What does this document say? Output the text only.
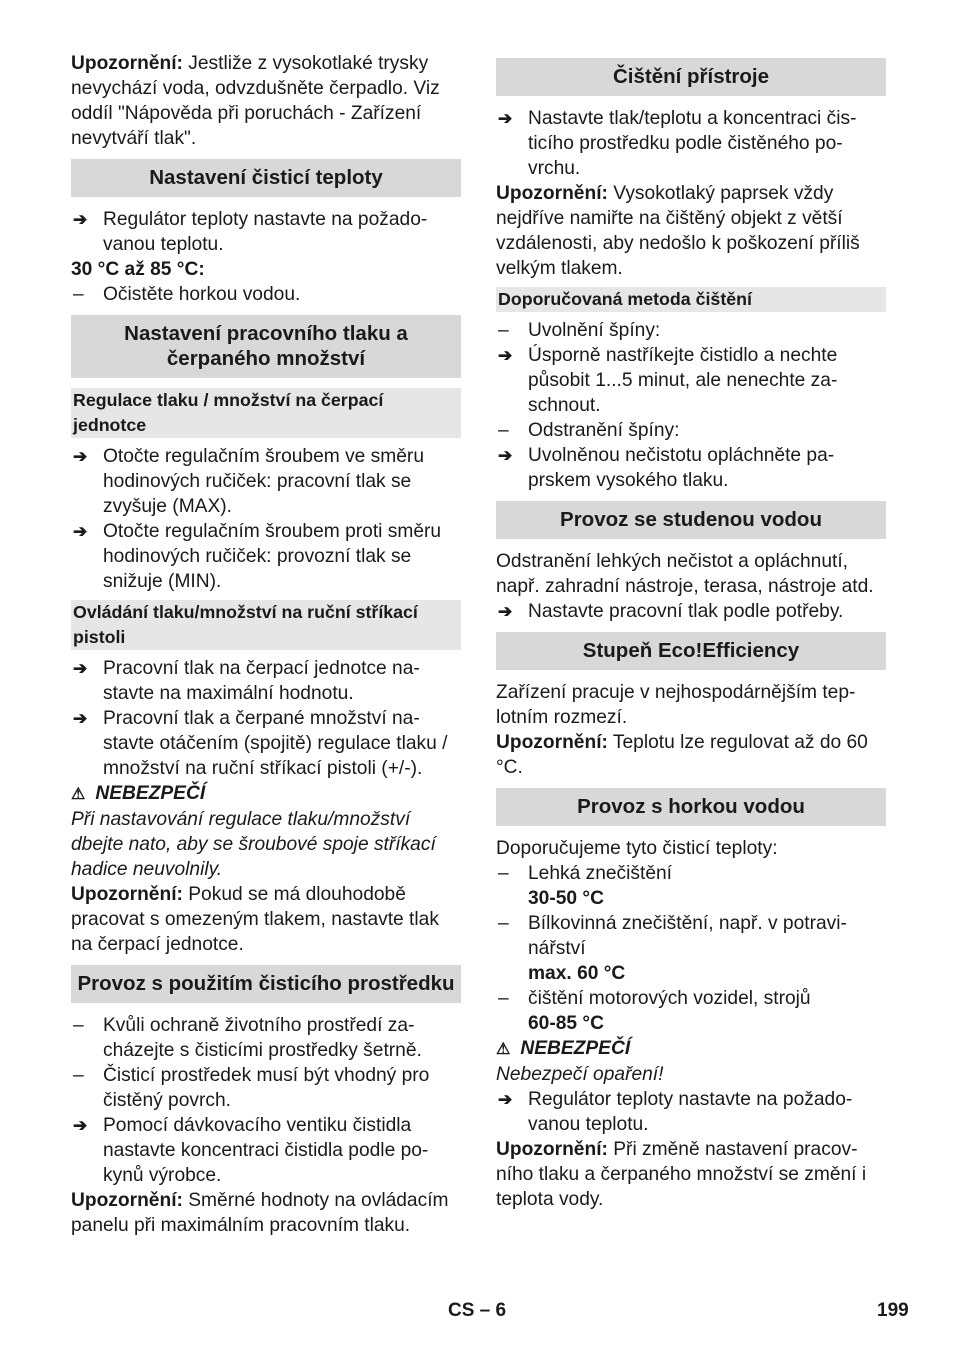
Upozornění: Jestliže z vysokotlaké trysky nevychází voda, odvzdušněte čerpadlo. Viz oddíl "Nápověda při poruchách - Zařízení nevytváří tlak".

Nastavení čisticí teploty
➔ Regulátor teploty nastavte na požadovanou teplotu.

30 °C až 85 °C:

– Očistěte horkou vodou.
Nastavení pracovního tlaku a čerpaného množství
Regulace tlaku / množství na čerpací jednotce
➔ Otočte regulačním šroubem ve směru hodinových ručiček: pracovní tlak se zvyšuje (MAX).
➔ Otočte regulačním šroubem proti směru hodinových ručiček: provozní tlak se snižuje (MIN).
Ovládání tlaku/množství na ruční stříkací pistoli
➔ Pracovní tlak na čerpací jednotce nastavte na maximální hodnotu.
➔ Pracovní tlak a čerpané množství nastavte otáčením (spojitě) regulace tlaku / množství na ruční stříkací pistoli (+/-).

⚠ NEBEZPEČÍ

Při nastavování regulace tlaku/množství dbejte nato, aby se šroubové spoje stříkací hadice neuvolnily.

Upozornění: Pokud se má dlouhodobě pracovat s omezeným tlakem, nastavte tlak na čerpací jednotce.

Provoz s použitím čisticího prostředku
– Kvůli ochraně životního prostředí zacházejte s čisticími prostředky šetrně.
– Čisticí prostředek musí být vhodný pro čistěný povrch.
➔ Pomocí dávkovacího ventiku čistidla nastavte koncentraci čistidla podle pokynů výrobce.

Upozornění: Směrné hodnoty na ovládacím panelu při maximálním pracovním tlaku.

Čištění přístroje
➔ Nastavte tlak/teplotu a koncentraci čisticího prostředku podle čistěného povrchu.

Upozornění: Vysokotlaký paprsek vždy nejdříve namiřte na čištěný objekt z větší vzdálenosti, aby nedošlo k poškození příliš velkým tlakem.

Doporučovaná metoda čištění
– Uvolnění špíny:
➔ Úsporně nastříkejte čistidlo a nechte působit 1...5 minut, ale nenechte zaschnout.
– Odstranění špíny:
➔ Uvolněnou nečistotu opláchněte paprskem vysokého tlaku.
Provoz se studenou vodou

Odstranění lehkých nečistot a opláchnutí, např. zahradní nástroje, terasa, nástroje atd.

➔ Nastavte pracovní tlak podle potřeby.
Stupeň Eco!Efficiency

Zařízení pracuje v nejhospodárnějším teplotním rozmezí.

Upozornění: Teplotu lze regulovat až do 60 °C.

Provoz s horkou vodou

Doporučujeme tyto čisticí teploty:

– Lehká znečištění
30-50 °C
– Bílkovinná znečištění, např. v potravinářství
max. 60 °C
– čištění motorových vozidel, strojů
60-85 °C

⚠ NEBEZPEČÍ

Nebezpečí opaření!

➔ Regulátor teploty nastavte na požadovanou teplotu.

Upozornění: Při změně nastavení pracovního tlaku a čerpaného množství se změní i teplota vody.

CS – 6	199
